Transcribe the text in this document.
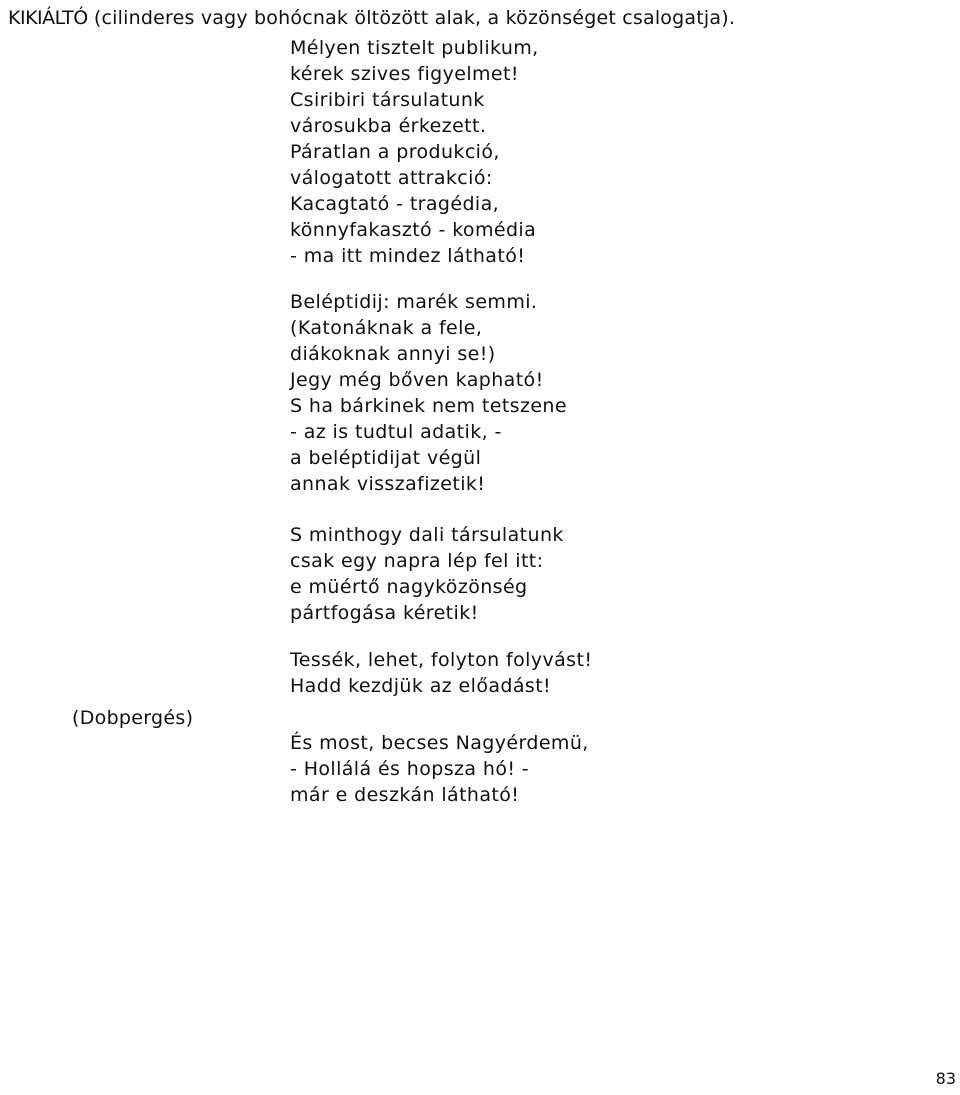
KIKIÁLTÓ (cilinderes vagy bohócnak öltözött alak, a közönséget csalogatja).
Mélyen tisztelt publikum,
kérek szives figyelmet!
Csiribiri társulatunk
városukba érkezett.
Páratlan a produkció,
válogatott attrakció:
Kacagtató - tragédia,
könnyfakasztó - komédia
- ma itt mindez látható!
Beléptidij: marék semmi.
(Katonáknak a fele,
diákoknak annyi se!)
Jegy még bőven kapható!
S ha bárkinek nem tetszene
- az is tudtul adatik, -
a beléptidijat végül
annak visszafizetik!
S minthogy dali társulatunk
csak egy napra lép fel itt:
e müértő nagyközönség
pártfogása kéretik!
Tessék, lehet, folyton folyvást!
Hadd kezdjük az előadást!
(Dobpergés)
És most, becses Nagyérdemü,
- Hollálá és hopsza hó! -
már e deszkán látható!
83
